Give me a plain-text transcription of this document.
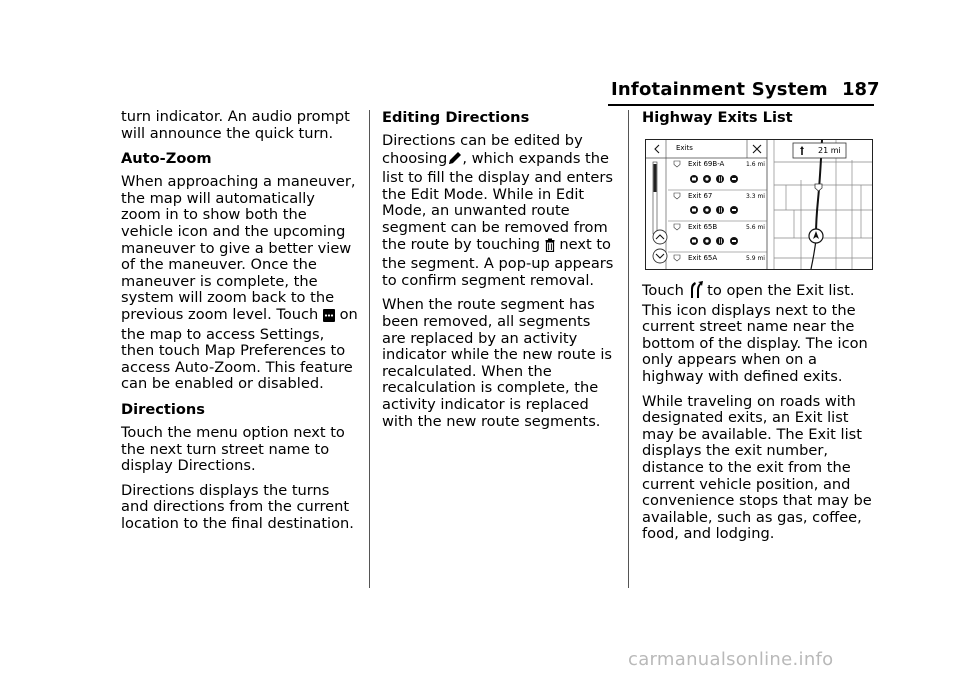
Infotainment System 187

turn indicator. An audio prompt will announce the quick turn.

Auto-Zoom

When approaching a maneuver, the map will automatically zoom in to show both the vehicle icon and the upcoming maneuver to give a better view of the maneuver. Once the maneuver is complete, the system will zoom back to the previous zoom level. Touch on the map to access Settings, then touch Map Preferences to access Auto-Zoom. This feature can be enabled or disabled.

Directions

Touch the menu option next to the next turn street name to display Directions.

Directions displays the turns and directions from the current location to the final destination.

Editing Directions

Directions can be edited by choosing , which expands the list to fill the display and enters the Edit Mode. While in Edit Mode, an unwanted route segment can be removed from the route by touching next to the segment. A pop-up appears to confirm segment removal.

When the route segment has been removed, all segments are replaced by an activity indicator while the new route is recalculated. When the recalculation is complete, the activity indicator is replaced with the new route segments.

Highway Exits List

Touch to open the Exit list. This icon displays next to the current street name near the bottom of the display. The icon only appears when on a highway with defined exits.

While traveling on roads with designated exits, an Exit list may be available. The Exit list displays the exit number, distance to the exit from the current vehicle position, and convenience stops that may be available, such as gas, coffee, food, and lodging.

Exits	21 mi
Exit 69B-A	1.6 mi
Exit 67	3.3 mi
Exit 65B	5.6 mi
Exit 65A	5.9 mi
carmanualsonline.info
